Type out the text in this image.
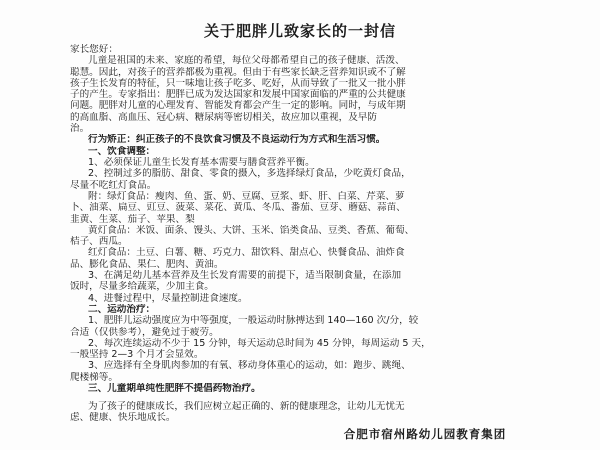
关于肥胖儿致家长的一封信
家长您好：
儿童是祖国的未来、家庭的希望，每位父母都希望自己的孩子健康、活泼、
聪慧。因此，对孩子的营养都极为重视。但由于有些家长缺乏营养知识或不了解
孩子生长发育的特征，只一味地让孩子吃多、吃好，从而导致了一批又一批小胖
子的产生。专家指出：肥胖已成为发达国家和发展中国家面临的严重的公共健康
问题。肥胖对儿童的心理发育、智能发育都会产生一定的影响。同时，与成年期
的高血脂、高血压、冠心病、糖尿病等密切相关，故应加以重视，及早防
治。
行为矫正：纠正孩子的不良饮食习惯及不良运动行为方式和生活习惯。
一、饮食调整：
1、必须保证儿童生长发育基本需要与膳食营养平衡。
2、控制过多的脂肪、甜食、零食的摄入，多选择绿灯食品，少吃黄灯食品，
尽量不吃红灯食品。
附：绿灯食品：瘦肉、鱼、蛋、奶、豆腐、豆浆、虾、肝、白菜、芹菜、萝
卜、油菜、扁豆、豇豆、菠菜、菜花、黄瓜、冬瓜、番茄、豆芽、蘑菇、蒜苗、
韭黄、生菜、茄子、苹果、梨
黄灯食品：米饭、面条、馒头、大饼、玉米、馅类食品、豆类、香蕉、葡萄、
桔子、西瓜。
红灯食品：土豆、白薯、糖、巧克力、甜饮料、甜点心、快餐食品、油炸食
品、膨化食品、果仁、肥肉、黄油。
3、在满足幼儿基本营养及生长发育需要的前提下，适当限制食量，在添加
饭时，尽量多给蔬菜，少加主食。
4、进餐过程中，尽量控制进食速度。
二、运动治疗：
1、肥胖儿运动强度应为中等强度，一般运动时脉搏达到 140—160 次/分，较
合适（仅供参考），避免过于疲劳。
2、每次连续运动不少于 15 分钟，每天运动总时间为 45 分钟，每周运动 5 天，
一般坚持 2—3 个月才会显效。
3、应选择有全身肌肉参加的有氧、移动身体重心的运动，如：跑步、跳绳、
爬楼梯等。
三、儿童期单纯性肥胖不提倡药物治疗。
为了孩子的健康成长，我们应树立起正确的、新的健康理念，让幼儿无忧无
虑、健康、快乐地成长。
合肥市宿州路幼儿园教育集团
